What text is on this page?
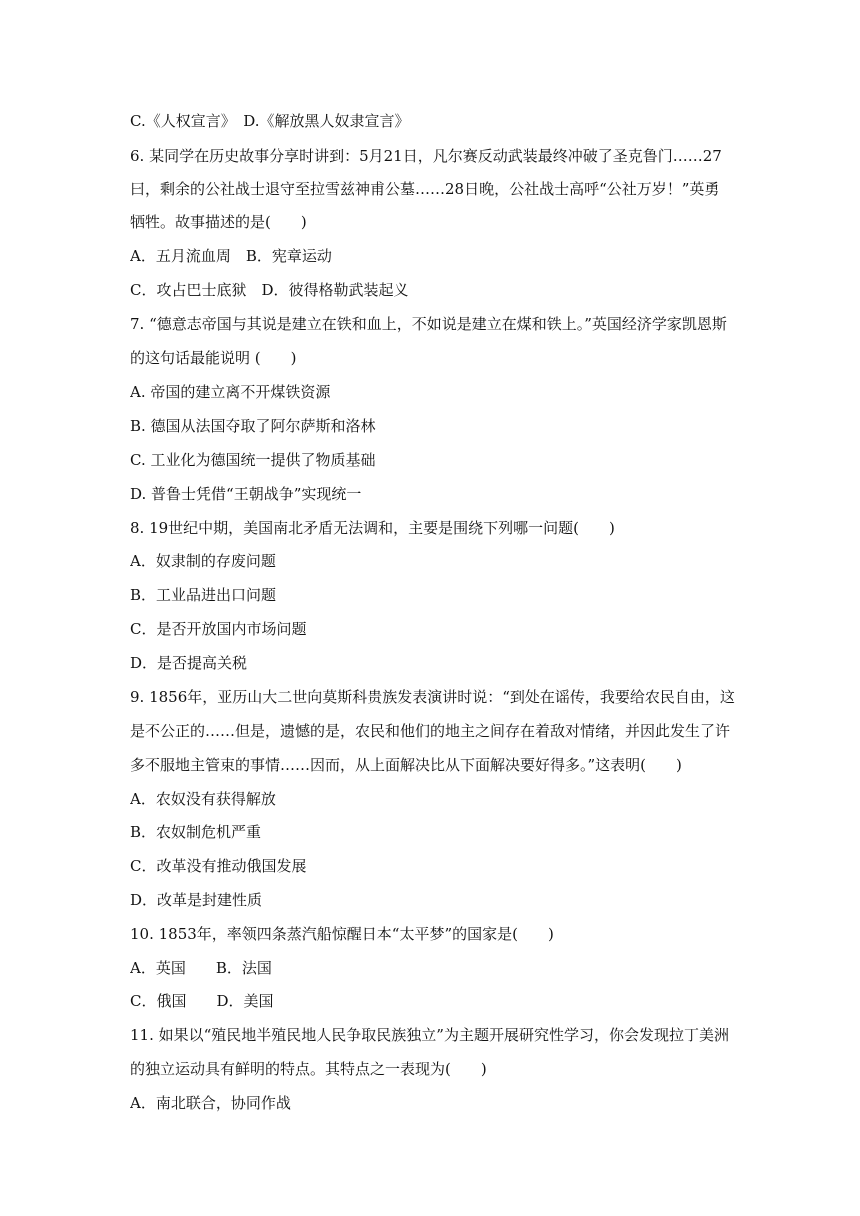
C.《人权宣言》　D.《解放黑人奴隶宣言》
6. 某同学在历史故事分享时讲到：5月21日，凡尔赛反动武装最终冲破了圣克鲁门……27
曰，剩余的公社战士退守至拉雪兹神甫公墓……28日晚，公社战士高呼“公社万岁！”英勇
牺牲。故事描述的是(　　)
A．五月流血周　B．宪章运动
C．攻占巴士底狱　D．彼得格勒武装起义
7. “德意志帝国与其说是建立在铁和血上，不如说是建立在煤和铁上。”英国经济学家凯恩斯
的这句话最能说明 (　　)
A. 帝国的建立离不开煤铁资源
B. 德国从法国夺取了阿尔萨斯和洛林
C. 工业化为德国统一提供了物质基础
D. 普鲁士凭借“王朝战争”实现统一
8. 19世纪中期，美国南北矛盾无法调和，主要是围绕下列哪一问题(　　)
A．奴隶制的存废问题
B．工业品进出口问题
C．是否开放国内市场问题
D．是否提高关税
9. 1856年，亚历山大二世向莫斯科贵族发表演讲时说：“到处在谣传，我要给农民自由，这
是不公正的……但是，遗憾的是，农民和他们的地主之间存在着敌对情绪，并因此发生了许
多不服地主管束的事情……因而，从上面解决比从下面解决要好得多。”这表明(　　)
A．农奴没有获得解放
B．农奴制危机严重
C．改革没有推动俄国发展
D．改革是封建性质
10. 1853年，率领四条蒸汽船惊醒日本“太平梦”的国家是(　　)
A．英国　　B．法国
C．俄国　　D．美国
11. 如果以“殖民地半殖民地人民争取民族独立”为主题开展研究性学习，你会发现拉丁美洲
的独立运动具有鲜明的特点。其特点之一表现为(　　)
A．南北联合，协同作战
